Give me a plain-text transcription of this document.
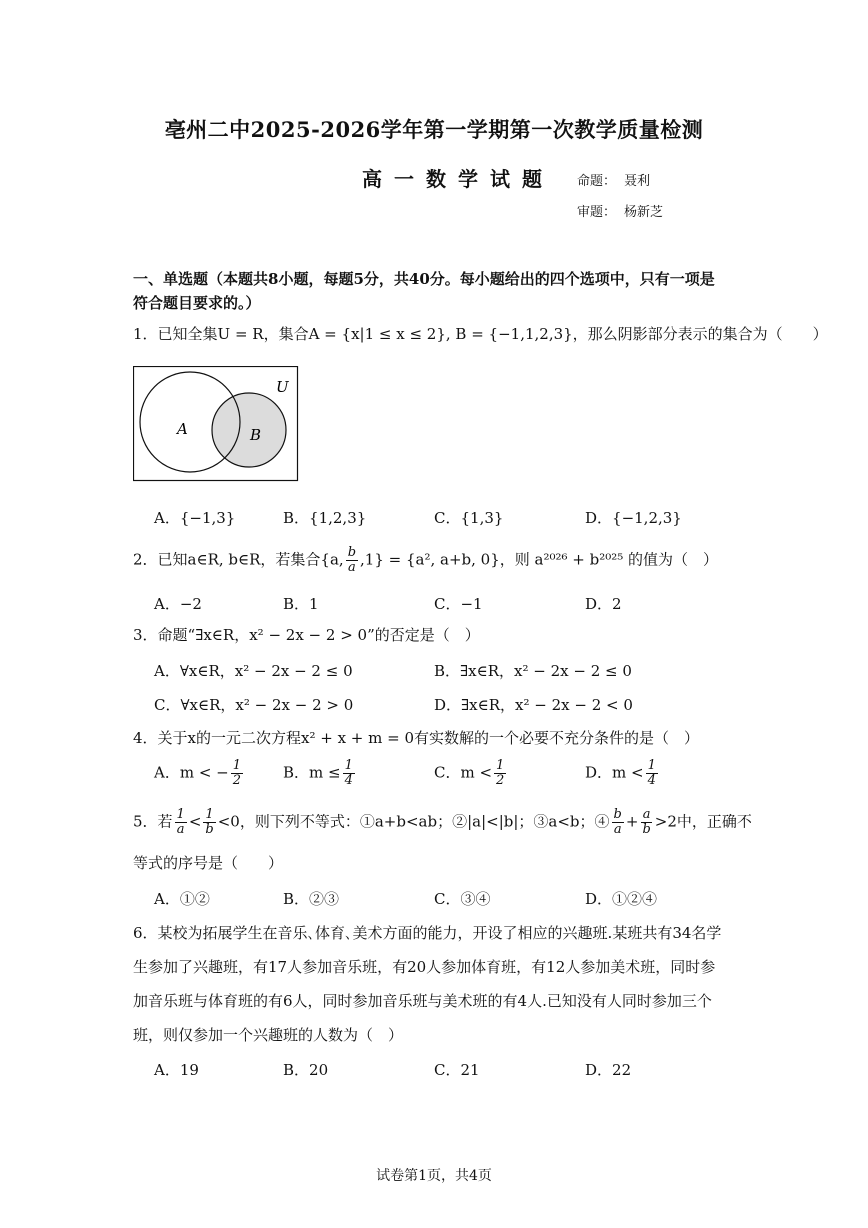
亳州二中2025-2026学年第一学期第一次教学质量检测
高一数学试题 命题： 聂利
审题： 杨新芝
一、单选题（本题共8小题，每题5分，共40分。每小题给出的四个选项中，只有一项是
符合题目要求的。）
1．已知全集U = R，集合A = {x|1 ≤ x ≤ 2}, B = {−1,1,2,3}，那么阴影部分表示的集合为（　　）
A	B
U
A．{−1,3}	B．{1,2,3}	C．{1,3}	D．{−1,2,3}
2．已知a∈R, b∈R，若集合{a, $\frac{b}{a} ,1\} = \{a^2$, a+b, 0}，则 a²⁰²⁶ + b²⁰²⁵ 的值为（　）
A．−2	B．1	C．−1	D．2
3．命题“∃x∈R，x² − 2x − 2 > 0”的否定是（　）
A．∀x∈R，x² − 2x − 2 ≤ 0	B．∃x∈R，x² − 2x − 2 ≤ 0
C．∀x∈R，x² − 2x − 2 > 0	D．∃x∈R，x² − 2x − 2 < 0
4．关于x的一元二次方程x² + x + m = 0有实数解的一个必要不充分条件的是（　）
A．m < − $\frac{1}{2}$	B．$m \le \frac{1}{4}$	C．$m < \frac{1}{2}$	D．$m < \frac{1}{4}$
5．若 $\frac{1}{a} < \frac{1}{b} <0$，则下列不等式：①a+b<ab；②|a|<|b|；③a<b；④ $\frac{b}{a} + \frac{a}{b} >2$中，正确不
等式的序号是（　　）
A．①②	B．②③	C．③④	D．①②④
6．某校为拓展学生在音乐､体育､美术方面的能力，开设了相应的兴趣班.某班共有34名学
生参加了兴趣班，有17人参加音乐班，有20人参加体育班，有12人参加美术班，同时参
加音乐班与体育班的有6人，同时参加音乐班与美术班的有4人.已知没有人同时参加三个
班，则仅参加一个兴趣班的人数为（　）
A．19	B．20	C．21	D．22
试卷第1页，共4页
